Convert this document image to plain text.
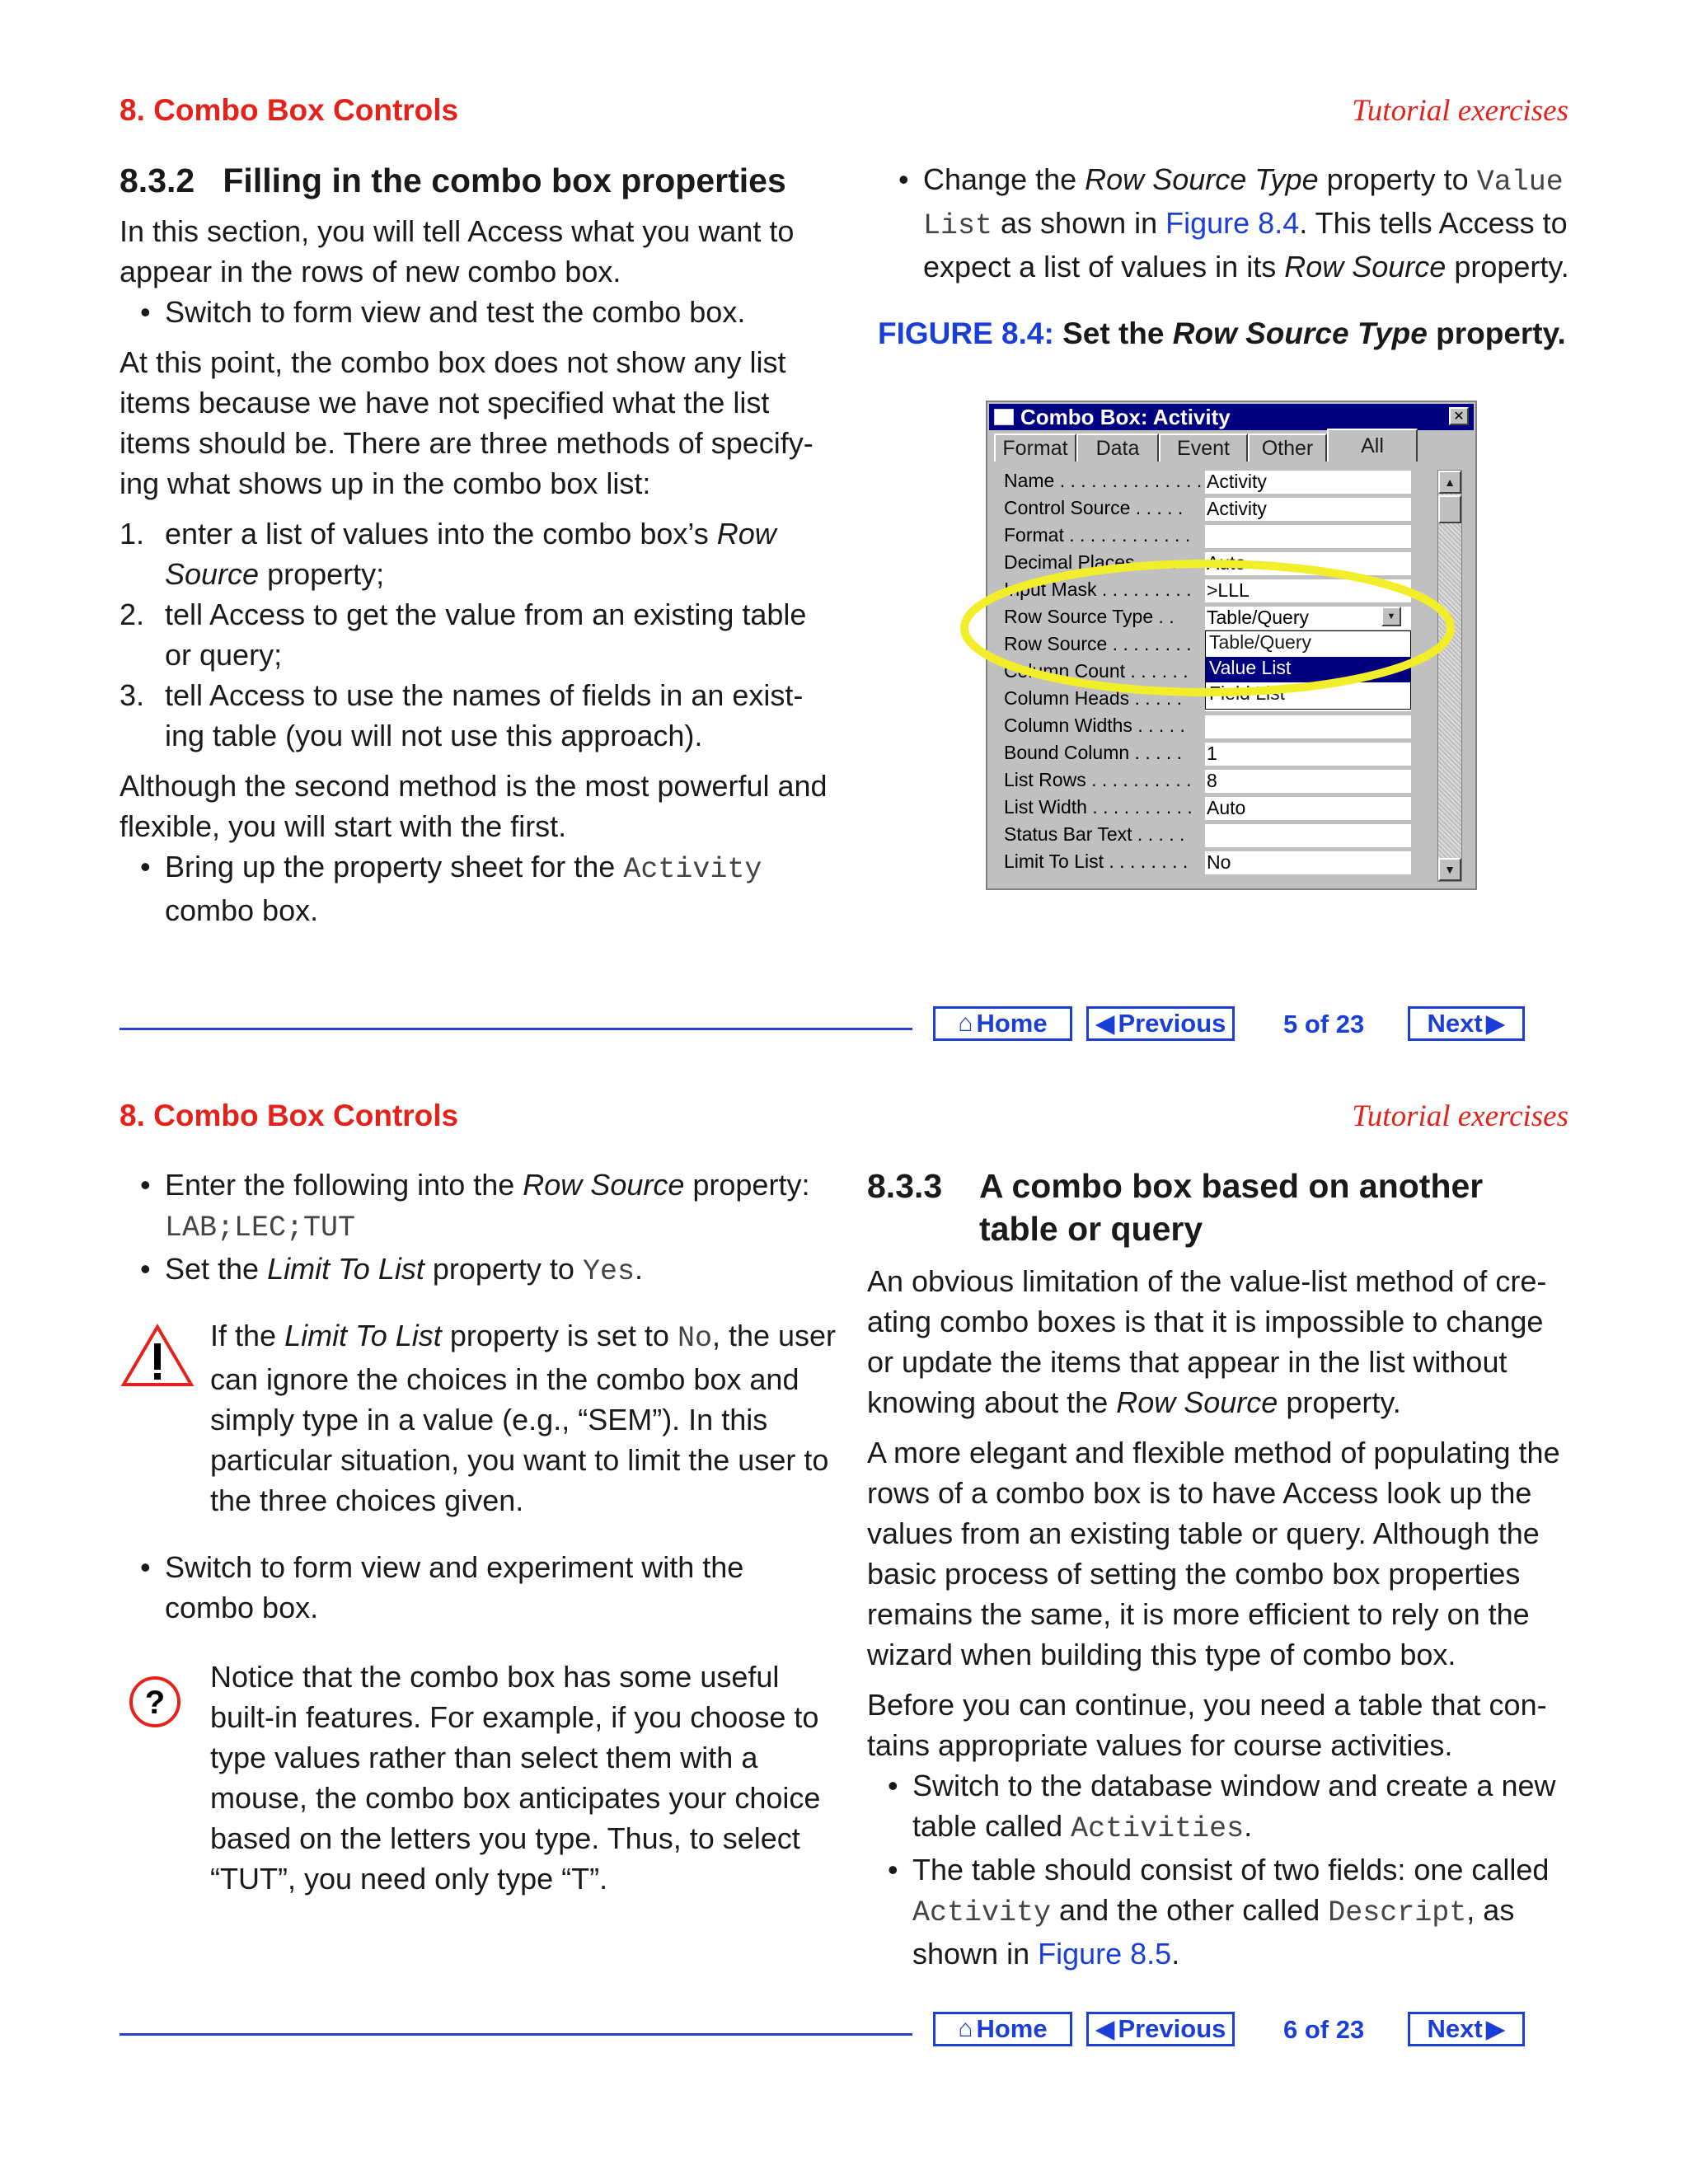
8. Combo Box Controls	Tutorial exercises
8.3.2 Filling in the combo box properties

In this section, you will tell Access what you want to appear in the rows of new combo box.

• Switch to form view and test the combo box.

At this point, the combo box does not show any list items because we have not specified what the list items should be. There are three methods of specify-ing what shows up in the combo box list:

1. enter a list of values into the combo box’s Row Source property;

2. tell Access to get the value from an existing table or query;

3. tell Access to use the names of fields in an exist-ing table (you will not use this approach).

Although the second method is the most powerful and flexible, you will start with the first.

• Bring up the property sheet for the Activity combo box.

• Change the Row Source Type property to Value List as shown in Figure 8.4. This tells Access to expect a list of values in its Row Source property.

FIGURE 8.4: Set the Row Source Type property.
Combo Box: Activity	✕
Format	Data	Event	Other	All
Name . . . . . . . . . . . . . . Activity
Control Source . . . . .	Activity
Format . . . . . . . . . . . .
Decimal Places . . . .	Auto
Input Mask . . . . . . . . . >LLL
Row Source Type . .	Table/Query
Row Source . . . . . . . .
Column Count . . . . . .
Column Heads . . . . .
Column Widths . . . . .
Bound Column . . . . .	1
List Rows . . . . . . . . . . 8
List Width . . . . . . . . . . Auto
Status Bar Text . . . . .
Limit To List . . . . . . . . No
▲
▼
Table/Query
Value List
Field List
▼
⌂ Home ◀ Previous 5 of 23 Next ▶
8. Combo Box Controls	Tutorial exercises

• Enter the following into the Row Source property:
LAB;LEC;TUT

• Set the Limit To List property to Yes.

If the Limit To List property is set to No, the user can ignore the choices in the combo box and simply type in a value (e.g., “SEM”). In this particular situation, you want to limit the user to the three choices given.

• Switch to form view and experiment with the combo box.

?

Notice that the combo box has some useful built-in features. For example, if you choose to type values rather than select them with a mouse, the combo box anticipates your choice based on the letters you type. Thus, to select “TUT”, you need only type “T”.

8.3.3 A combo box based on another table or query

An obvious limitation of the value-list method of cre-ating combo boxes is that it is impossible to change or update the items that appear in the list without knowing about the Row Source property.

A more elegant and flexible method of populating the rows of a combo box is to have Access look up the values from an existing table or query. Although the basic process of setting the combo box properties remains the same, it is more efficient to rely on the wizard when building this type of combo box.

Before you can continue, you need a table that con-tains appropriate values for course activities.

• Switch to the database window and create a new table called Activities.

• The table should consist of two fields: one called Activity and the other called Descript, as shown in Figure 8.5.

⌂ Home ◀ Previous 6 of 23 Next ▶
